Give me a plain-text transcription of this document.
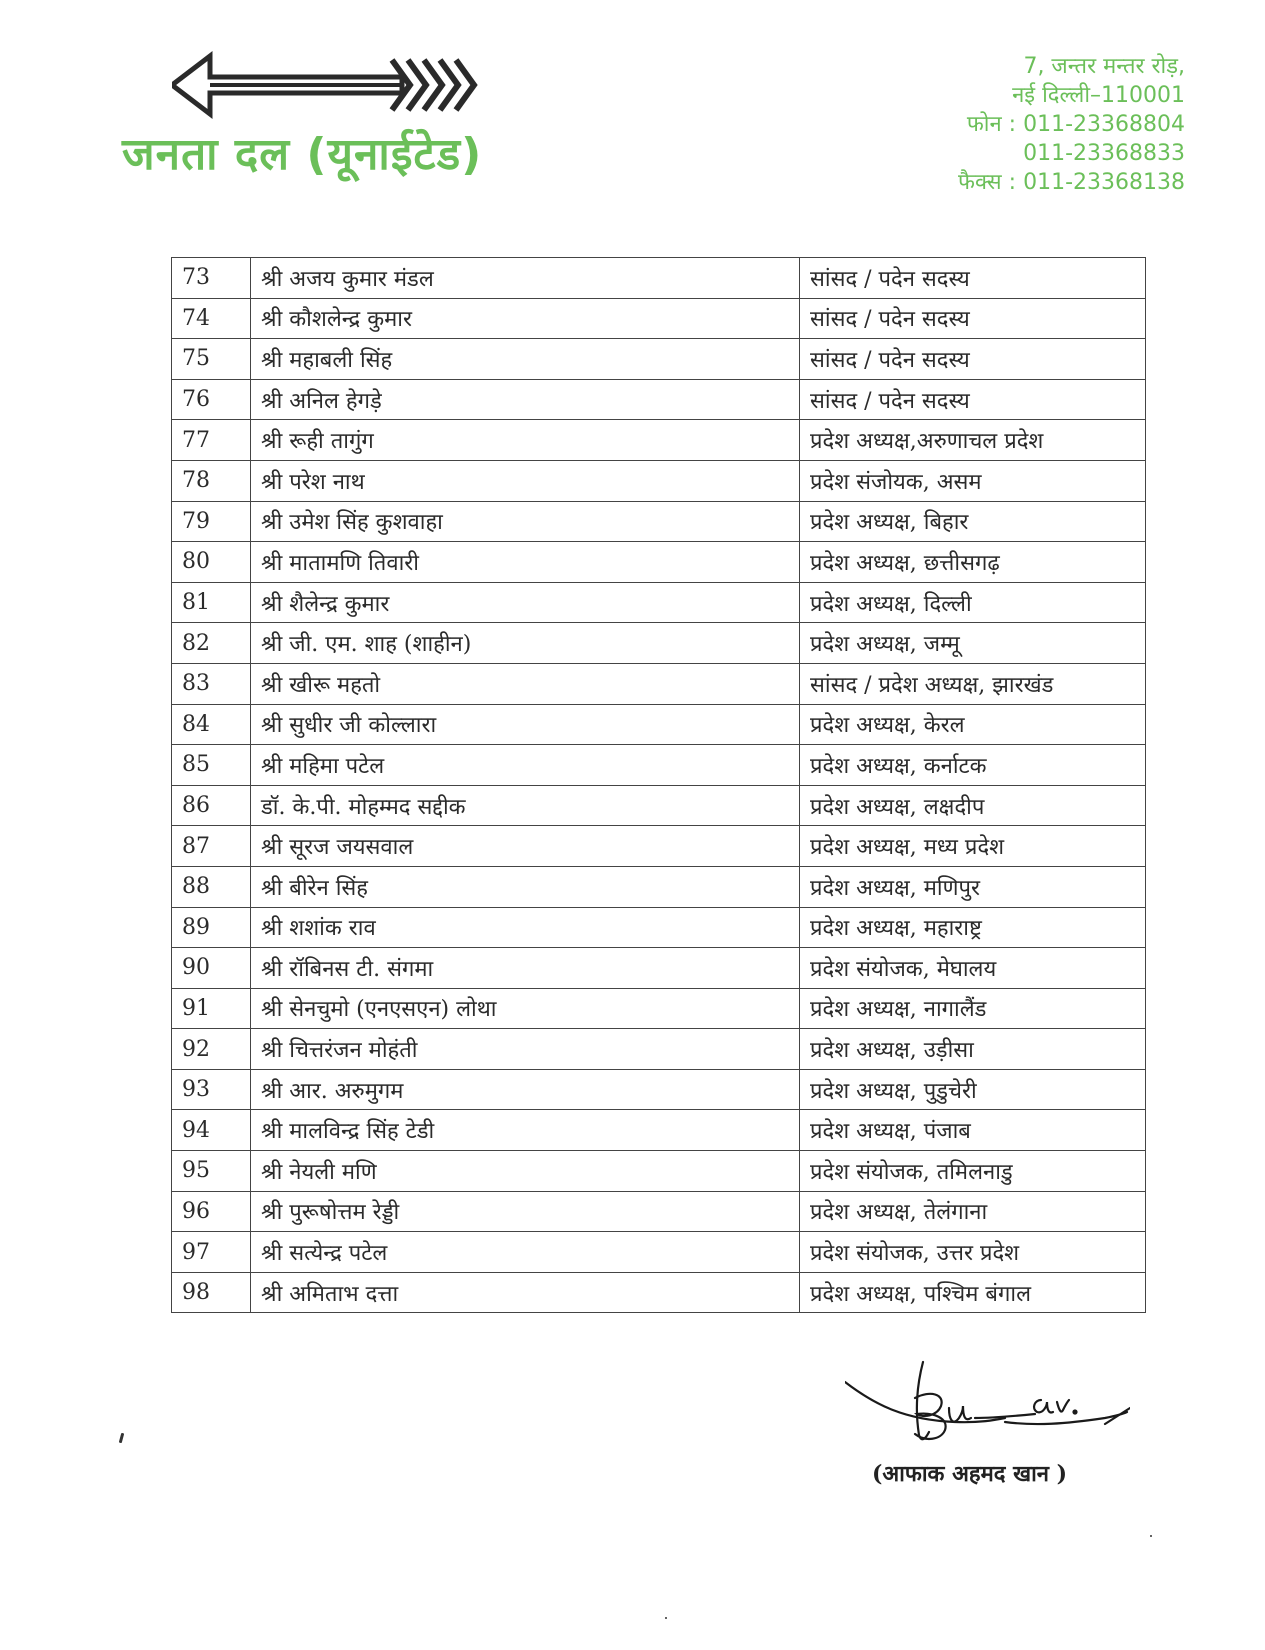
जनता दल (यूनाईटेड)
7, जन्तर मन्तर रोड़,
नई दिल्ली–110001
फोन : 011-23368804
011-23368833
फैक्स : 011-23368138
73	श्री अजय कुमार मंडल	सांसद / पदेन सदस्य
74	श्री कौशलेन्द्र कुमार	सांसद / पदेन सदस्य
75	श्री महाबली सिंह	सांसद / पदेन सदस्य
76	श्री अनिल हेगड़े	सांसद / पदेन सदस्य
77	श्री रूही तागुंग	प्रदेश अध्यक्ष,अरुणाचल प्रदेश
78	श्री परेश नाथ	प्रदेश संजोयक, असम
79	श्री उमेश सिंह कुशवाहा	प्रदेश अध्यक्ष, बिहार
80	श्री मातामणि तिवारी	प्रदेश अध्यक्ष, छत्तीसगढ़
81	श्री शैलेन्द्र कुमार	प्रदेश अध्यक्ष, दिल्ली
82	श्री जी. एम. शाह (शाहीन)	प्रदेश अध्यक्ष, जम्मू
83	श्री खीरू महतो	सांसद / प्रदेश अध्यक्ष, झारखंड
84	श्री सुधीर जी कोल्लारा	प्रदेश अध्यक्ष, केरल
85	श्री महिमा पटेल	प्रदेश अध्यक्ष, कर्नाटक
86	डॉ. के.पी. मोहम्मद सद्दीक	प्रदेश अध्यक्ष, लक्षदीप
87	श्री सूरज जयसवाल	प्रदेश अध्यक्ष, मध्य प्रदेश
88	श्री बीरेन सिंह	प्रदेश अध्यक्ष, मणिपुर
89	श्री शशांक राव	प्रदेश अध्यक्ष, महाराष्ट्र
90	श्री रॉबिनस टी. संगमा	प्रदेश संयोजक, मेघालय
91	श्री सेनचुमो (एनएसएन) लोथा	प्रदेश अध्यक्ष, नागालैंड
92	श्री चित्तरंजन मोहंती	प्रदेश अध्यक्ष, उड़ीसा
93	श्री आर. अरुमुगम	प्रदेश अध्यक्ष, पुडुचेरी
94	श्री मालविन्द्र सिंह टेडी	प्रदेश अध्यक्ष, पंजाब
95	श्री नेयली मणि	प्रदेश संयोजक, तमिलनाडु
96	श्री पुरूषोत्तम रेड्डी	प्रदेश अध्यक्ष, तेलंगाना
97	श्री सत्येन्द्र पटेल	प्रदेश संयोजक, उत्तर प्रदेश
98	श्री अमिताभ दत्ता	प्रदेश अध्यक्ष, पश्चिम बंगाल
(आफाक अहमद खान )
